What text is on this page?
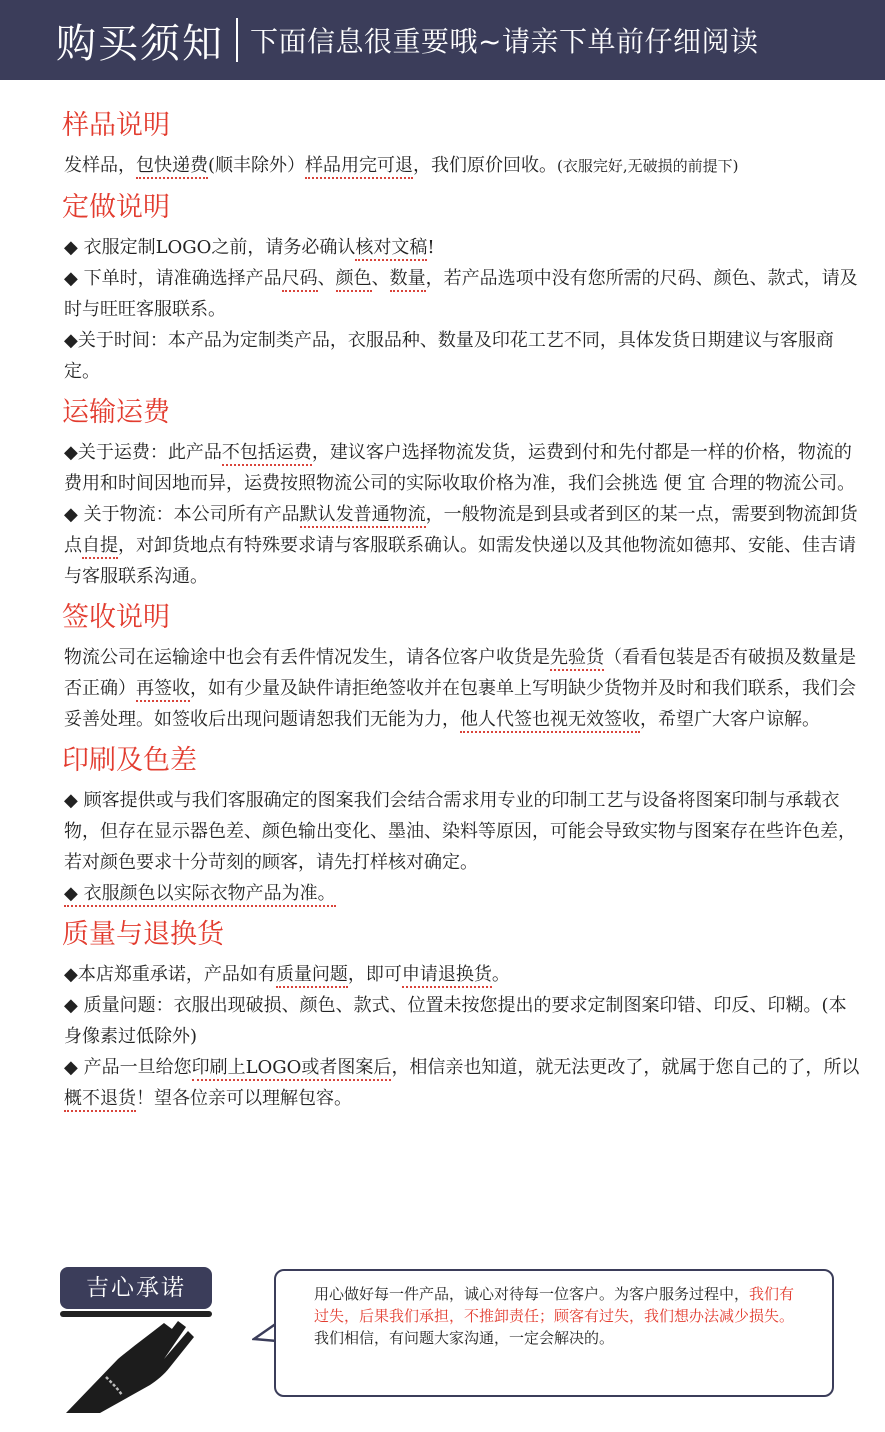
购买须知 下面信息很重要哦~请亲下单前仔细阅读
样品说明

发样品，包快递费(顺丰除外）样品用完可退，我们原价回收。(衣服完好,无破损的前提下)

定做说明

◆ 衣服定制LOGO之前，请务必确认核对文稿!

◆ 下单时，请准确选择产品尺码、颜色、数量，若产品选项中没有您所需的尺码、颜色、款式，请及时与旺旺客服联系。

◆关于时间：本产品为定制类产品，衣服品种、数量及印花工艺不同，具体发货日期建议与客服商定。

运输运费

◆关于运费：此产品不包括运费，建议客户选择物流发货，运费到付和先付都是一样的价格，物流的费用和时间因地而异，运费按照物流公司的实际收取价格为准，我们会挑选 便 宜 合理的物流公司。

◆ 关于物流：本公司所有产品默认发普通物流，一般物流是到县或者到区的某一点，需要到物流卸货点自提，对卸货地点有特殊要求请与客服联系确认。如需发快递以及其他物流如德邦、安能、佳吉请与客服联系沟通。

签收说明

物流公司在运输途中也会有丢件情况发生，请各位客户收货是先验货（看看包装是否有破损及数量是否正确）再签收，如有少量及缺件请拒绝签收并在包裹单上写明缺少货物并及时和我们联系，我们会妥善处理。如签收后出现问题请恕我们无能为力，他人代签也视无效签收，希望广大客户谅解。

印刷及色差

◆ 顾客提供或与我们客服确定的图案我们会结合需求用专业的印制工艺与设备将图案印制与承载衣物，但存在显示器色差、颜色输出变化、墨油、染料等原因，可能会导致实物与图案存在些许色差，若对颜色要求十分苛刻的顾客，请先打样核对确定。

◆ 衣服颜色以实际衣物产品为准。

质量与退换货

◆本店郑重承诺，产品如有质量问题，即可申请退换货。

◆ 质量问题：衣服出现破损、颜色、款式、位置未按您提出的要求定制图案印错、印反、印糊。(本身像素过低除外)

◆ 产品一旦给您印刷上LOGO或者图案后，相信亲也知道，就无法更改了，就属于您自己的了，所以概不退货！望各位亲可以理解包容。

吉心承诺	用心做好每一件产品，诚心对待每一位客户。为客户服务过程中，我们有过失，后果我们承担，不推卸责任；顾客有过失，我们想办法减少损失。我们相信，有问题大家沟通，一定会解决的。
